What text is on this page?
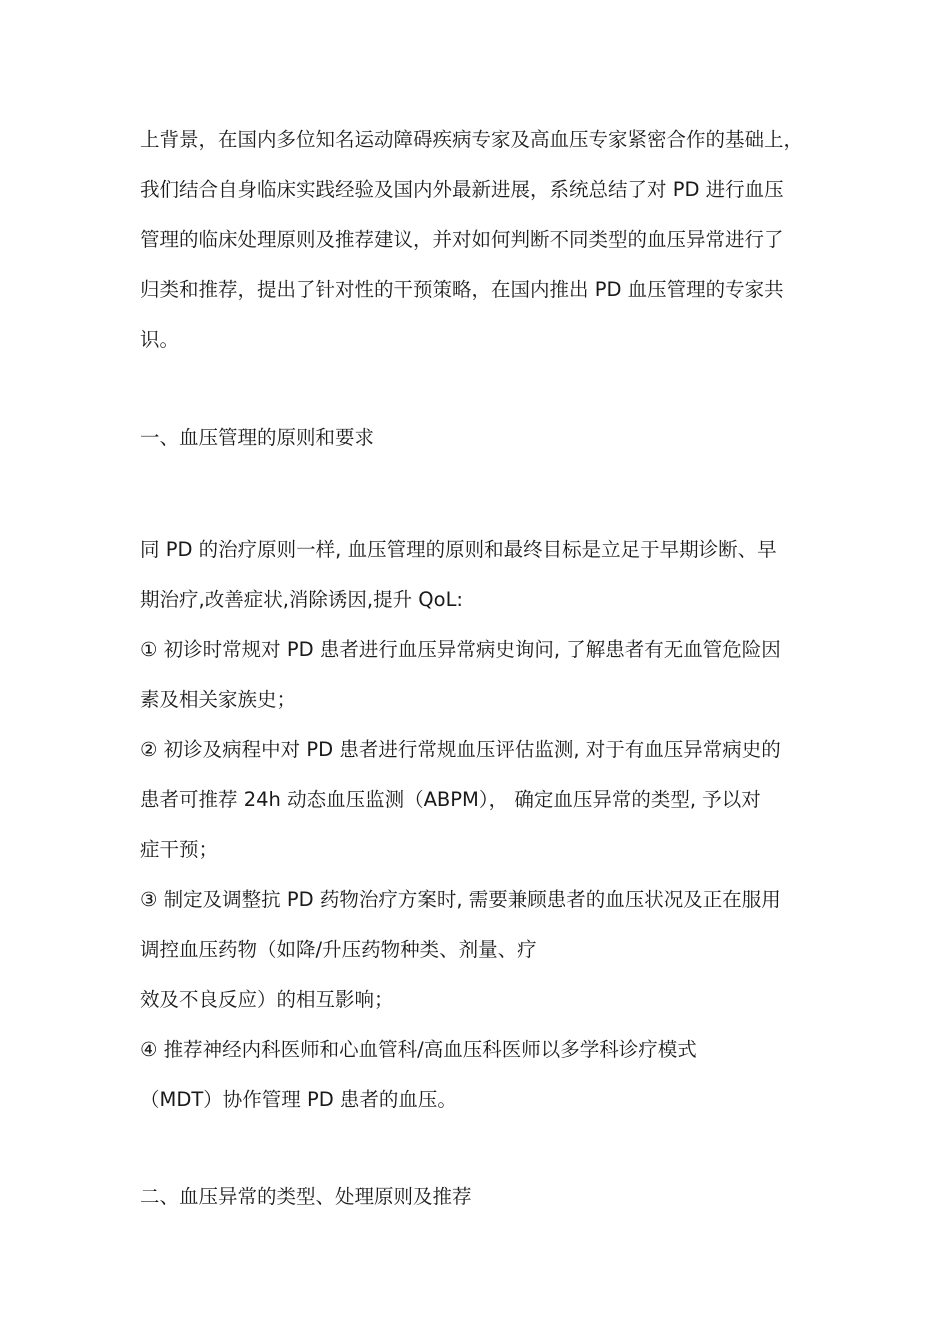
上背景，在国内多位知名运动障碍疾病专家及高血压专家紧密合作的基础上，

我们结合自身临床实践经验及国内外最新进展，系统总结了对 PD 进行血压

管理的临床处理原则及推荐建议，并对如何判断不同类型的血压异常进行了

归类和推荐，提出了针对性的干预策略，在国内推出 PD 血压管理的专家共

识。

一、血压管理的原则和要求

同 PD 的治疗原则一样, 血压管理的原则和最终目标是立足于早期诊断、早

期治疗,改善症状,消除诱因,提升 QoL:

① 初诊时常规对 PD 患者进行血压异常病史询问, 了解患者有无血管危险因

素及相关家族史；

② 初诊及病程中对 PD 患者进行常规血压评估监测, 对于有血压异常病史的

患者可推荐 24h 动态血压监测（ABPM）， 确定血压异常的类型, 予以对

症干预；

③ 制定及调整抗 PD 药物治疗方案时, 需要兼顾患者的血压状况及正在服用

调控血压药物（如降/升压药物种类、剂量、疗

效及不良反应）的相互影响；

④ 推荐神经内科医师和心血管科/高血压科医师以多学科诊疗模式

（MDT）协作管理 PD 患者的血压。

二、血压异常的类型、处理原则及推荐
